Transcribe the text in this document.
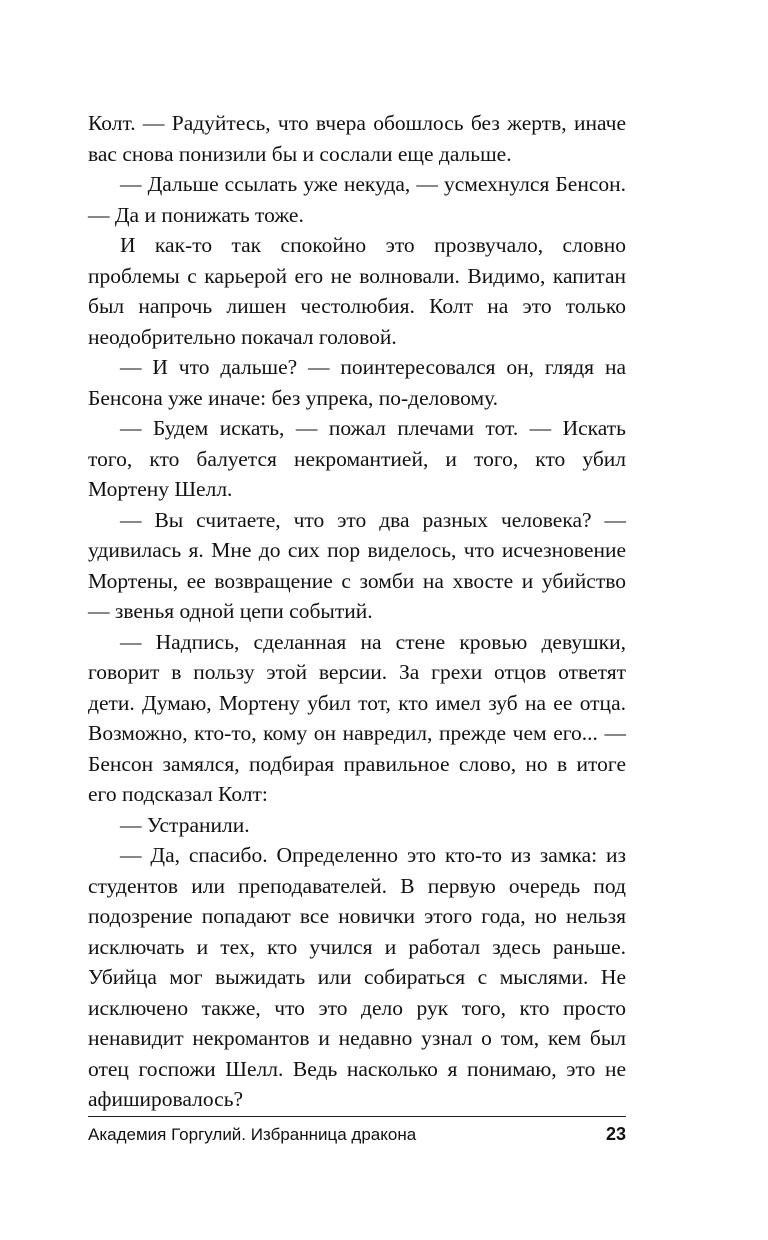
Колт. — Радуйтесь, что вчера обошлось без жертв, иначе вас снова понизили бы и сослали еще дальше.

— Дальше ссылать уже некуда, — усмехнулся Бенсон. — Да и понижать тоже.

И как-то так спокойно это прозвучало, словно проблемы с карьерой его не волновали. Видимо, капитан был напрочь лишен честолюбия. Колт на это только неодобрительно покачал головой.

— И что дальше? — поинтересовался он, глядя на Бенсона уже иначе: без упрека, по-деловому.

— Будем искать, — пожал плечами тот. — Искать того, кто балуется некромантией, и того, кто убил Мортену Шелл.

— Вы считаете, что это два разных человека? — удивилась я. Мне до сих пор виделось, что исчезновение Мортены, ее возвращение с зомби на хвосте и убийство — звенья одной цепи событий.

— Надпись, сделанная на стене кровью девушки, говорит в пользу этой версии. За грехи отцов ответят дети. Думаю, Мортену убил тот, кто имел зуб на ее отца. Возможно, кто-то, кому он навредил, прежде чем его... — Бенсон замялся, подбирая правильное слово, но в итоге его подсказал Колт:

— Устранили.

— Да, спасибо. Определенно это кто-то из замка: из студентов или преподавателей. В первую очередь под подозрение попадают все новички этого года, но нельзя исключать и тех, кто учился и работал здесь раньше. Убийца мог выжидать или собираться с мыслями. Не исключено также, что это дело рук того, кто просто ненавидит некромантов и недавно узнал о том, кем был отец госпожи Шелл. Ведь насколько я понимаю, это не афишировалось?

Академия Горгулий. Избранница дракона	23
